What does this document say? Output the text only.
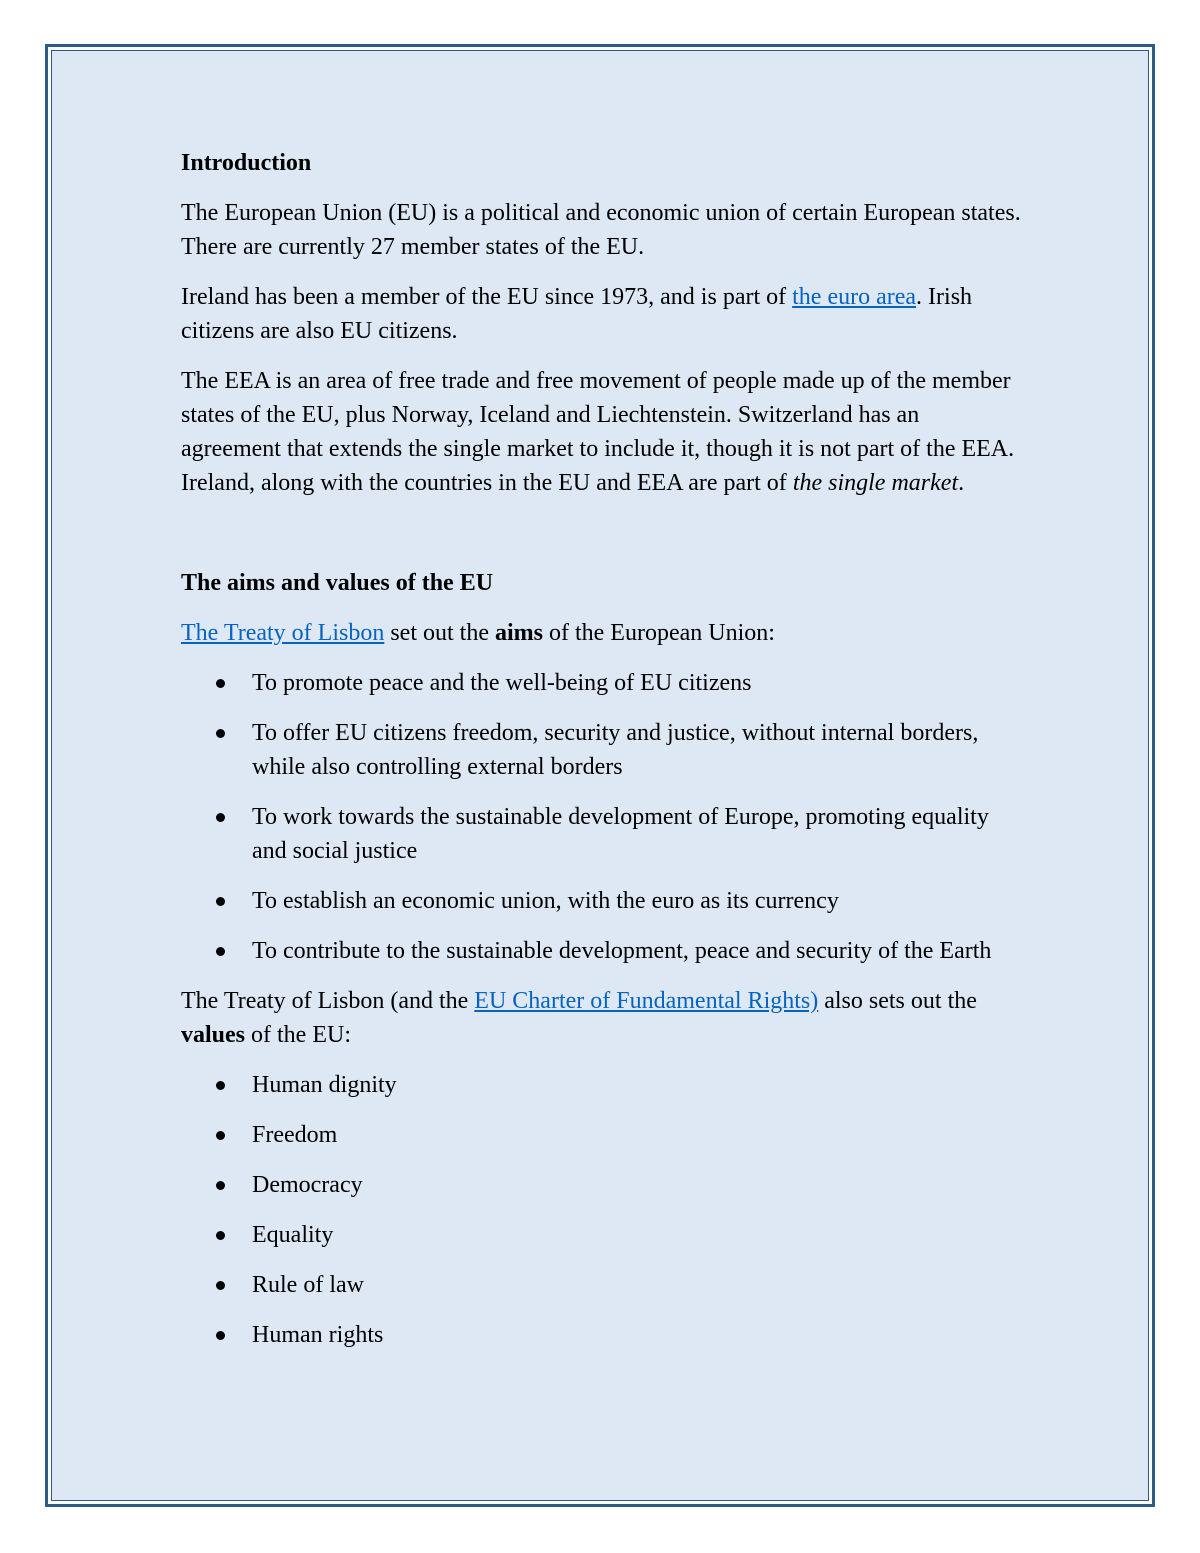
Introduction

The European Union (EU) is a political and economic union of certain European states. There are currently 27 member states of the EU.

Ireland has been a member of the EU since 1973, and is part of the euro area. Irish citizens are also EU citizens.

The EEA is an area of free trade and free movement of people made up of the member states of the EU, plus Norway, Iceland and Liechtenstein. Switzerland has an agreement that extends the single market to include it, though it is not part of the EEA. Ireland, along with the countries in the EU and EEA are part of the single market.

The aims and values of the EU

The Treaty of Lisbon set out the aims of the European Union:

To promote peace and the well-being of EU citizens
To offer EU citizens freedom, security and justice, without internal borders, while also controlling external borders
To work towards the sustainable development of Europe, promoting equality and social justice
To establish an economic union, with the euro as its currency
To contribute to the sustainable development, peace and security of the Earth

The Treaty of Lisbon (and the EU Charter of Fundamental Rights) also sets out the values of the EU:

Human dignity
Freedom
Democracy
Equality
Rule of law
Human rights
